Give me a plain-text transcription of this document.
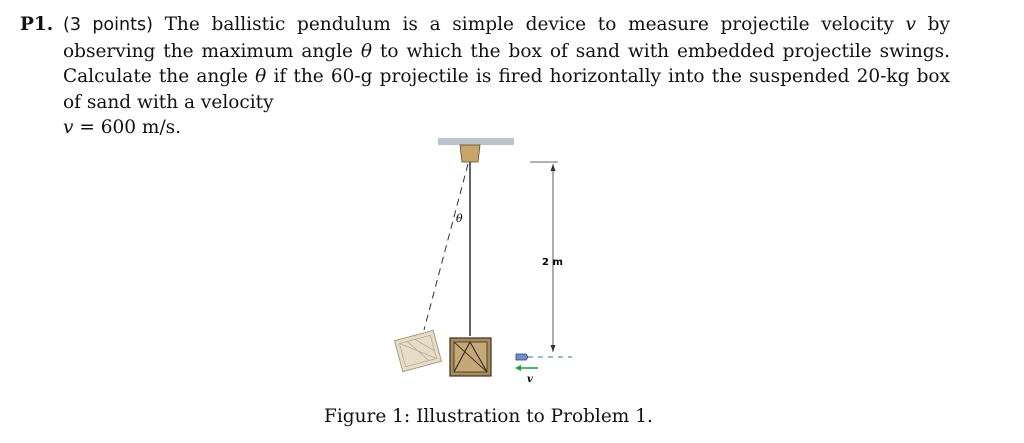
P1. (3 points) The ballistic pendulum is a simple device to measure projectile velocity v by observing the maximum angle θ to which the box of sand with embedded projectile swings. Calculate the angle θ if the 60-g projectile is fired horizontally into the suspended 20-kg box of sand with a velocity
v = 600 m/s.
θ
2 m
v
Figure 1: Illustration to Problem 1.
